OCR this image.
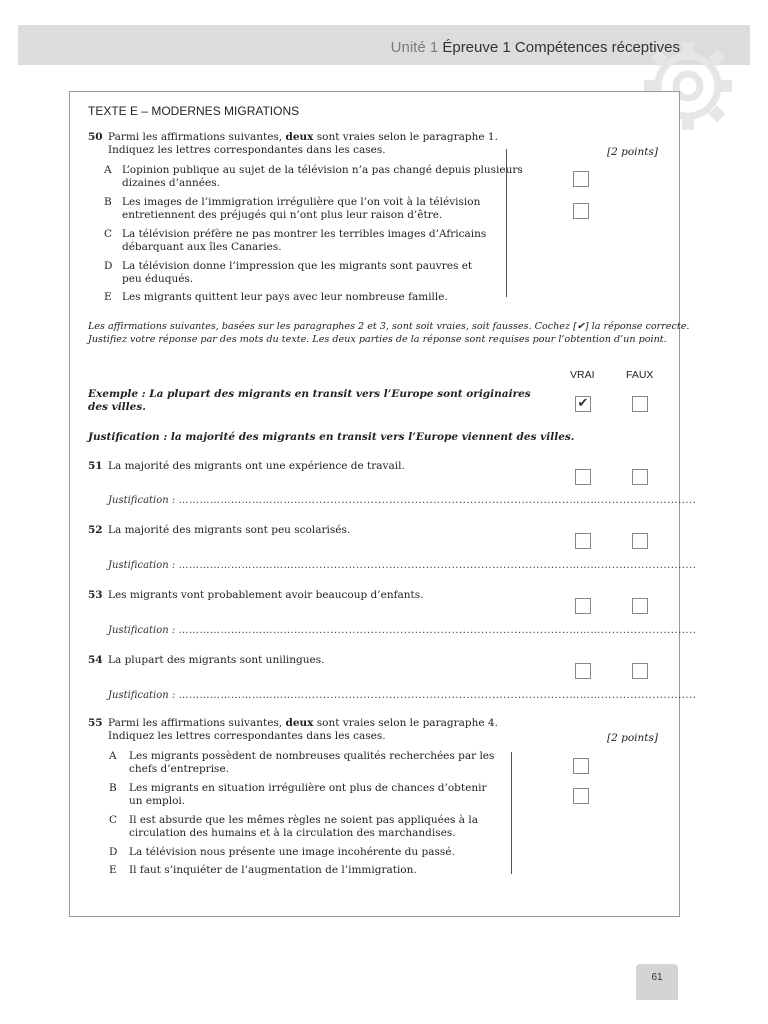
Unité 1 Épreuve 1 Compétences réceptives
TEXTE E – MODERNES MIGRATIONS
50 Parmi les affirmations suivantes, deux sont vraies selon le paragraphe 1.
Indiquez les lettres correspondantes dans les cases.	[2 points]
A L’opinion publique au sujet de la télévision n’a pas changé depuis plusieurs
dizaines d’années.
B Les images de l’immigration irrégulière que l’on voit à la télévision
entretiennent des préjugés qui n’ont plus leur raison d’être.
C La télévision préfère ne pas montrer les terribles images d’Africains
débarquant aux îles Canaries.
D La télévision donne l’impression que les migrants sont pauvres et
peu éduqués.
E Les migrants quittent leur pays avec leur nombreuse famille.
Les affirmations suivantes, basées sur les paragraphes 2 et 3, sont soit vraies, soit fausses. Cochez [✔] la réponse correcte.
Justifiez votre réponse par des mots du texte. Les deux parties de la réponse sont requises pour l’obtention d’un point.
VRAI	FAUX
Exemple : La plupart des migrants en transit vers l’Europe sont originaires
des villes.	✔
Justification : la majorité des migrants en transit vers l’Europe viennent des villes.
51 La majorité des migrants ont une expérience de travail.
Justification : ………………………………........................................................................………..........................
52 La majorité des migrants sont peu scolarisés.
Justification : ………………………………........................................................................………..........................
53 Les migrants vont probablement avoir beaucoup d’enfants.
Justification : ………………………………........................................................................………..........................
54 La plupart des migrants sont unilingues.
Justification : ………………………………........................................................................………..........................
55 Parmi les affirmations suivantes, deux sont vraies selon le paragraphe 4.
Indiquez les lettres correspondantes dans les cases.	[2 points]
A Les migrants possèdent de nombreuses qualités recherchées par les
chefs d’entreprise.
B Les migrants en situation irrégulière ont plus de chances d’obtenir
un emploi.
C Il est absurde que les mêmes règles ne soient pas appliquées à la
circulation des humains et à la circulation des marchandises.
D La télévision nous présente une image incohérente du passé.
E Il faut s’inquiéter de l’augmentation de l’immigration.
61
